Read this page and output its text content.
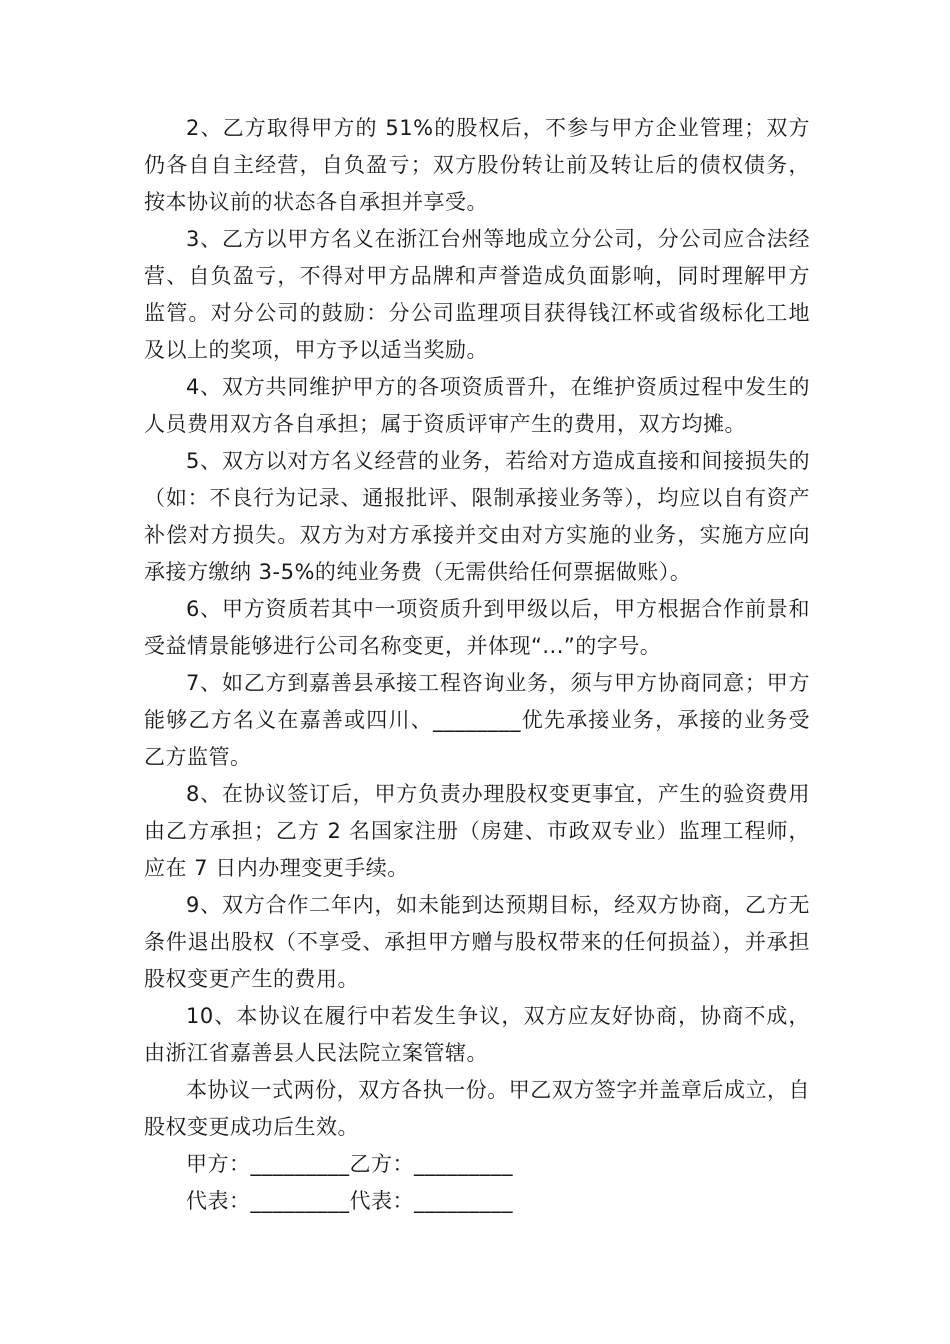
2、乙方取得甲方的 51%的股权后，不参与甲方企业管理；双方仍各自自主经营，自负盈亏；双方股份转让前及转让后的债权债务，按本协议前的状态各自承担并享受。

3、乙方以甲方名义在浙江台州等地成立分公司，分公司应合法经营、自负盈亏，不得对甲方品牌和声誉造成负面影响，同时理解甲方监管。对分公司的鼓励：分公司监理项目获得钱江杯或省级标化工地及以上的奖项，甲方予以适当奖励。

4、双方共同维护甲方的各项资质晋升，在维护资质过程中发生的人员费用双方各自承担；属于资质评审产生的费用，双方均摊。

5、双方以对方名义经营的业务，若给对方造成直接和间接损失的（如：不良行为记录、通报批评、限制承接业务等），均应以自有资产补偿对方损失。双方为对方承接并交由对方实施的业务，实施方应向承接方缴纳 3-5%的纯业务费（无需供给任何票据做账）。

6、甲方资质若其中一项资质升到甲级以后，甲方根据合作前景和受益情景能够进行公司名称变更，并体现“...”的字号。

7、如乙方到嘉善县承接工程咨询业务，须与甲方协商同意；甲方能够乙方名义在嘉善或四川、________优先承接业务，承接的业务受乙方监管。

8、在协议签订后，甲方负责办理股权变更事宜，产生的验资费用由乙方承担；乙方 2 名国家注册（房建、市政双专业）监理工程师，应在 7 日内办理变更手续。

9、双方合作二年内，如未能到达预期目标，经双方协商，乙方无条件退出股权（不享受、承担甲方赠与股权带来的任何损益），并承担股权变更产生的费用。

10、本协议在履行中若发生争议，双方应友好协商，协商不成，由浙江省嘉善县人民法院立案管辖。

本协议一式两份，双方各执一份。甲乙双方签字并盖章后成立，自股权变更成功后生效。

甲方：_________乙方：_________

代表：_________代表：_________
